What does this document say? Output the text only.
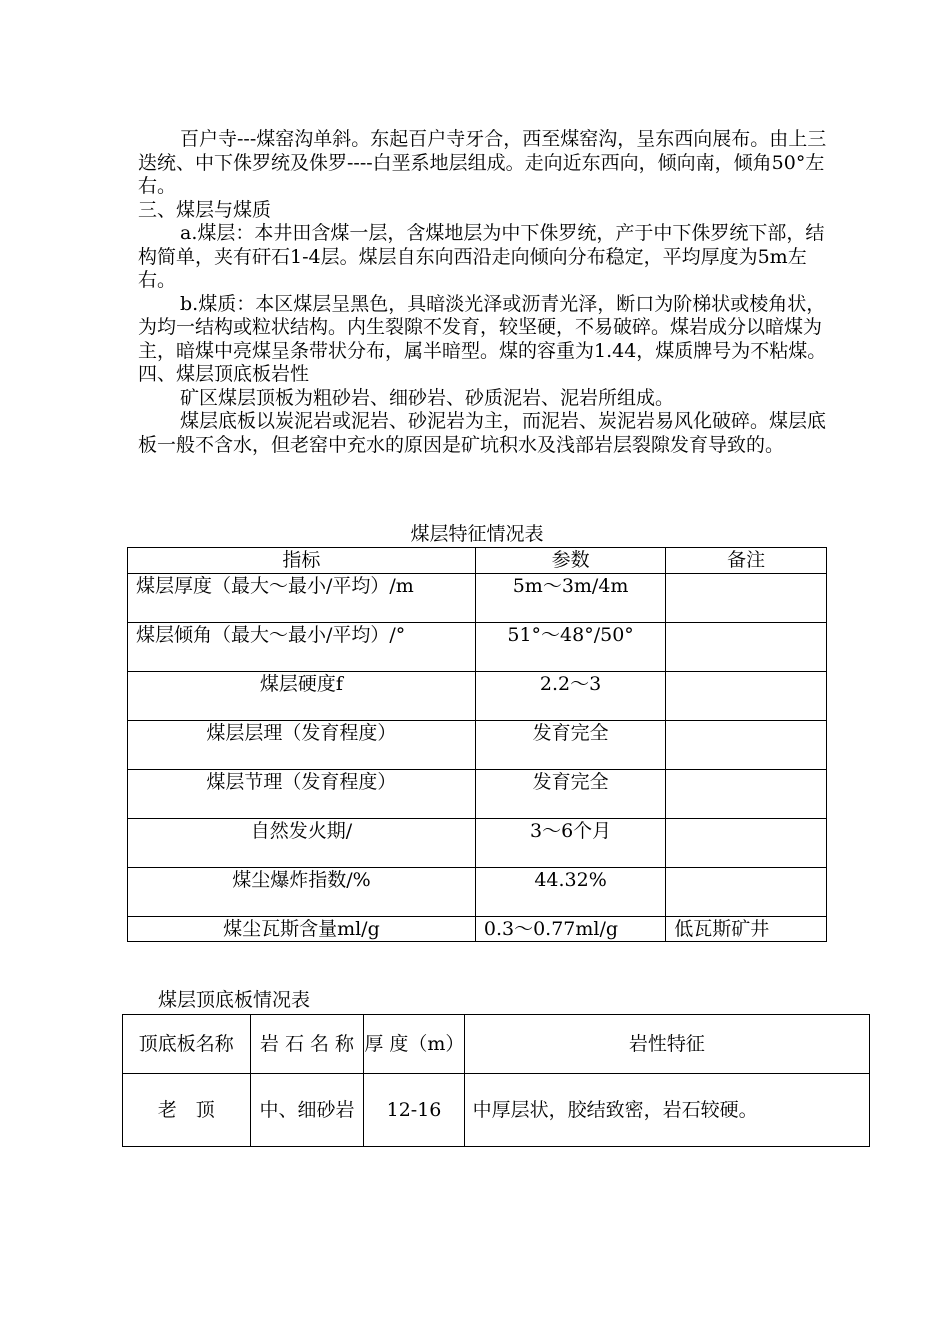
百户寺---煤窑沟单斜。东起百户寺牙合，西至煤窑沟，呈东西向展布。由上三迭统、中下侏罗统及侏罗----白垩系地层组成。走向近东西向，倾向南，倾角50°左右。

三、煤层与煤质

a.煤层：本井田含煤一层，含煤地层为中下侏罗统，产于中下侏罗统下部，结构简单，夹有矸石1-4层。煤层自东向西沿走向倾向分布稳定，平均厚度为5m左右。

b.煤质：本区煤层呈黑色，具暗淡光泽或沥青光泽，断口为阶梯状或棱角状，为均一结构或粒状结构。内生裂隙不发育，较坚硬，不易破碎。煤岩成分以暗煤为主，暗煤中亮煤呈条带状分布，属半暗型。煤的容重为1.44，煤质牌号为不粘煤。

四、煤层顶底板岩性

矿区煤层顶板为粗砂岩、细砂岩、砂质泥岩、泥岩所组成。

煤层底板以炭泥岩或泥岩、砂泥岩为主，而泥岩、炭泥岩易风化破碎。煤层底板一般不含水，但老窑中充水的原因是矿坑积水及浅部岩层裂隙发育导致的。

煤层特征情况表
指标	参数	备注
煤层厚度（最大～最小/平均）/m	5m～3m/4m	
煤层倾角（最大～最小/平均）/°	51°～48°/50°	
煤层硬度f	2.2～3	
煤层层理（发育程度）	发育完全	
煤层节理（发育程度）	发育完全	
自然发火期/	3～6个月	
煤尘爆炸指数/%	44.32%	
煤尘瓦斯含量ml/g	0.3～0.77ml/g	低瓦斯矿井
煤层顶底板情况表
顶底板名称	岩 石 名 称	厚 度（m）	岩性特征
老　顶	中、细砂岩	12-16	中厚层状，胶结致密，岩石较硬。
